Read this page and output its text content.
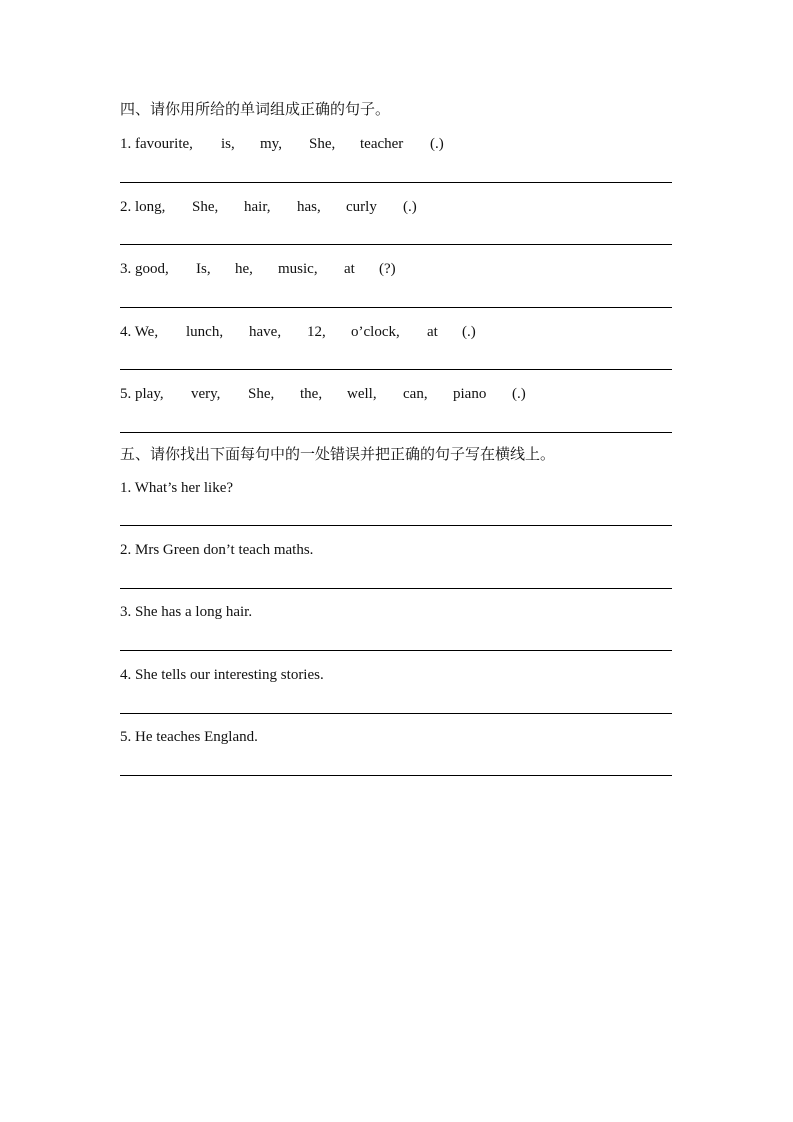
四、请你用所给的单词组成正确的句子。
1. favourite, is, my, She, teacher (.)
2. long, She, hair, has, curly (.)
3. good, Is, he, music, at (?)
4. We, lunch, have, 12, o’clock, at (.)
5. play, very, She, the, well, can, piano (.)
五、请你找出下面每句中的一处错误并把正确的句子写在横线上。
1. What’s her like?
2. Mrs Green don’t teach maths.
3. She has a long hair.
4. She tells our interesting stories.
5. He teaches England.
